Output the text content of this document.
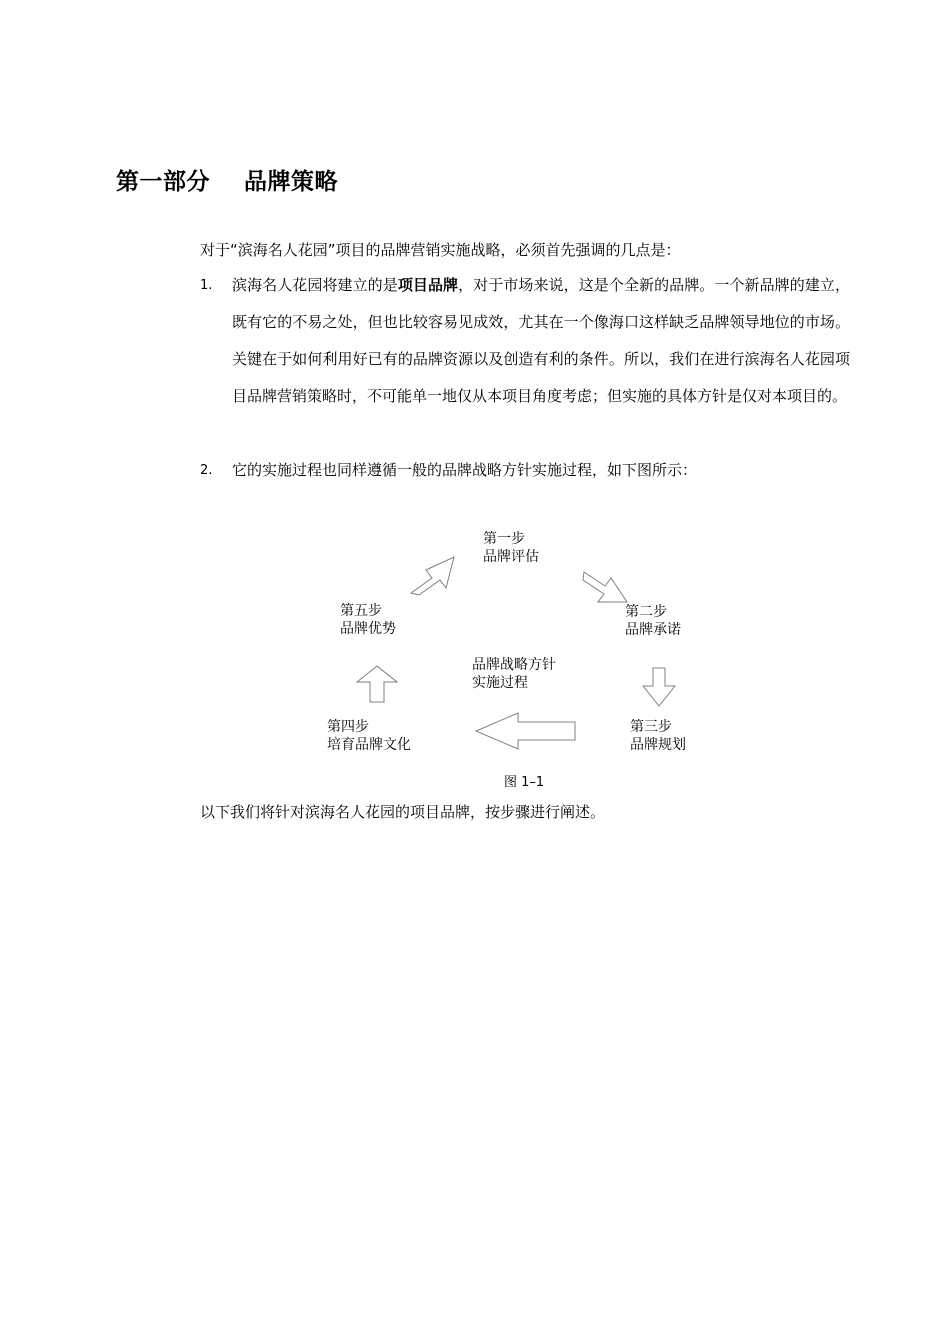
第一部分    品牌策略
对于“滨海名人花园”项目的品牌营销实施战略，必须首先强调的几点是：
1. 滨海名人花园将建立的是项目品牌，对于市场来说，这是个全新的品牌。一个新品牌的建立，既有它的不易之处，但也比较容易见成效，尤其在一个像海口这样缺乏品牌领导地位的市场。关键在于如何利用好已有的品牌资源以及创造有利的条件。所以，我们在进行滨海名人花园项目品牌营销策略时，不可能单一地仅从本项目角度考虑；但实施的具体方针是仅对本项目的。
2. 它的实施过程也同样遵循一般的品牌战略方针实施过程，如下图所示：
第一步
品牌评估
第二步
品牌承诺
第三步
品牌规划
第四步
培育品牌文化
第五步
品牌优势
品牌战略方针
实施过程
图 1–1
以下我们将针对滨海名人花园的项目品牌，按步骤进行阐述。
